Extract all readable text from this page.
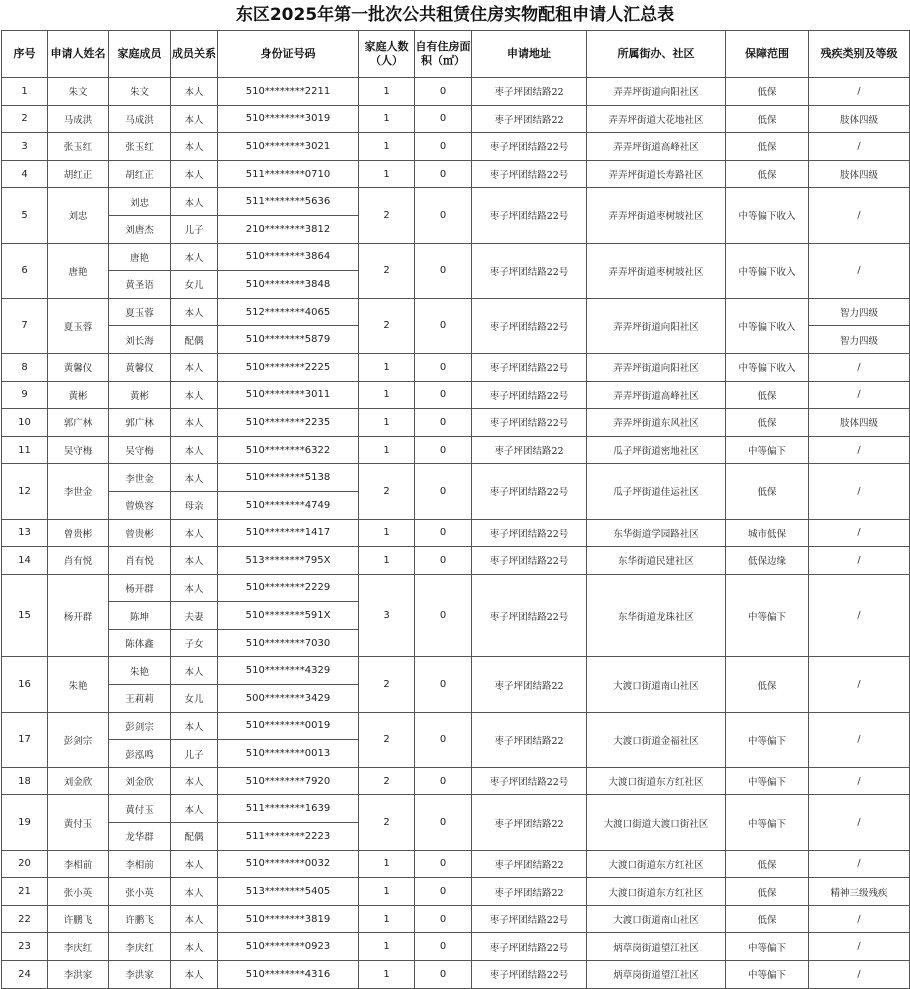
东区2025年第一批次公共租赁住房实物配租申请人汇总表
序号	申请人姓名	家庭成员	成员关系	身份证号码	家庭人数（人）	自有住房面积（㎡）	申请地址	所属街办、社区	保障范围	残疾类别及等级
1	朱文	朱文	本人	510********2211	1	0	枣子坪团结路22	弄弄坪街道向阳社区	低保	/
2	马成洪	马成洪	本人	510********3019	1	0	枣子坪团结路22	弄弄坪街道大花地社区	低保	肢体四级
3	张玉红	张玉红	本人	510********3021	1	0	枣子坪团结路22号	弄弄坪街道高峰社区	低保	/
4	胡红正	胡红正	本人	511********0710	1	0	枣子坪团结路22号	弄弄坪街道长寿路社区	低保	肢体四级
5	刘忠	刘忠	本人	511********5636	2	0	枣子坪团结路22号	弄弄坪街道枣树坡社区	中等偏下收入	/
		刘唐杰	儿子	210********3812						
6	唐艳	唐艳	本人	510********3864	2	0	枣子坪团结路22号	弄弄坪街道枣树坡社区	中等偏下收入	/
		黄圣语	女儿	510********3848						
7	夏玉蓉	夏玉蓉	本人	512********4065	2	0	枣子坪团结路22号	弄弄坪街道向阳社区	中等偏下收入	智力四级
		刘长海	配偶	510********5879						智力四级
8	黄馨仪	黄馨仪	本人	510********2225	1	0	枣子坪团结路22号	弄弄坪街道向阳社区	中等偏下收入	/
9	黄彬	黄彬	本人	510********3011	1	0	枣子坪团结路22号	弄弄坪街道高峰社区	低保	/
10	郭广林	郭广林	本人	510********2235	1	0	枣子坪团结路22号	弄弄坪街道东风社区	低保	肢体四级
11	吴守梅	吴守梅	本人	510********6322	1	0	枣子坪团结路22	瓜子坪街道密地社区	中等偏下	/
12	李世金	李世金	本人	510********5138	2	0	枣子坪团结路22号	瓜子坪街道佳运社区	低保	/
		曾焕容	母亲	510********4749						
13	曾贵彬	曾贵彬	本人	510********1417	1	0	枣子坪团结路22号	东华街道学园路社区	城市低保	/
14	肖有悦	肖有悦	本人	513********795X	1	0	枣子坪团结路22号	东华街道民建社区	低保边缘	/
15	杨开群	杨开群	本人	510********2229	3	0	枣子坪团结路22号	东华街道龙珠社区	中等偏下	/
		陈坤	夫妻	510********591X						
		陈体鑫	子女	510********7030						
16	朱艳	朱艳	本人	510********4329	2	0	枣子坪团结路22	大渡口街道南山社区	低保	/
		王莉莉	女儿	500********3429						
17	彭剑宗	彭剑宗	本人	510********0019	2	0	枣子坪团结路22	大渡口街道金福社区	中等偏下	/
		彭泓鸣	儿子	510********0013						
18	刘金欣	刘金欣	本人	510********7920	2	0	枣子坪团结路22号	大渡口街道东方红社区	中等偏下	/
19	黄付玉	黄付玉	本人	511********1639	2	0	枣子坪团结路22	大渡口街道大渡口街社区	中等偏下	/
		龙华群	配偶	511********2223						
20	李相前	李相前	本人	510********0032	1	0	枣子坪团结路22	大渡口街道东方红社区	低保	/
21	张小英	张小英	本人	513********5405	1	0	枣子坪团结路22	大渡口街道东方红社区	低保	精神三级残疾
22	许鹏飞	许鹏飞	本人	510********3819	1	0	枣子坪团结路22号	大渡口街道南山社区	低保	/
23	李庆红	李庆红	本人	510********0923	1	0	枣子坪团结路22号	炳草岗街道望江社区	中等偏下	/
24	李洪家	李洪家	本人	510********4316	1	0	枣子坪团结路22号	炳草岗街道望江社区	中等偏下	/
